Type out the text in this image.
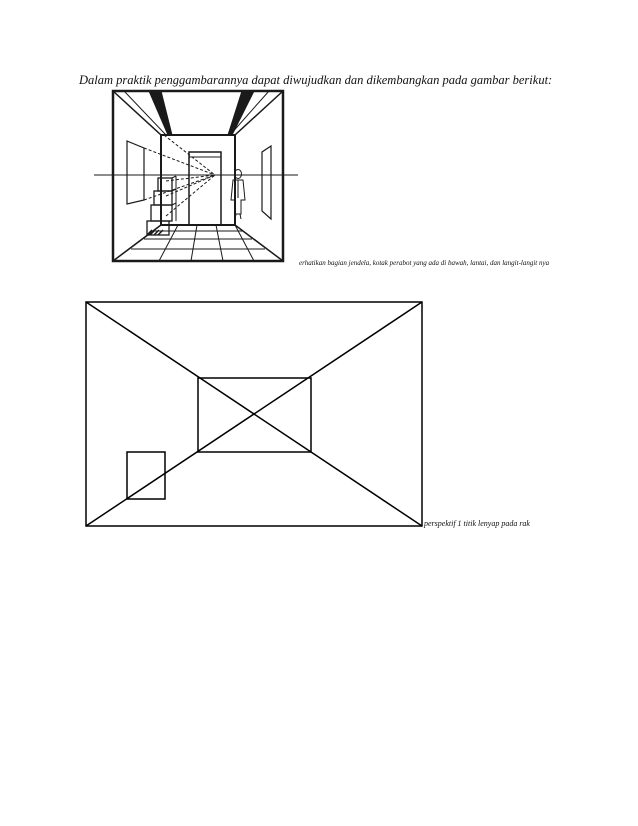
Dalam praktik penggambarannya dapat diwujudkan dan dikembangkan pada gambar berikut:
erhatikan bagian jendela, kotak perabot yang ada di bawah, lantai, dan langit-langit nya
perspektif 1 titik lenyap pada rak
